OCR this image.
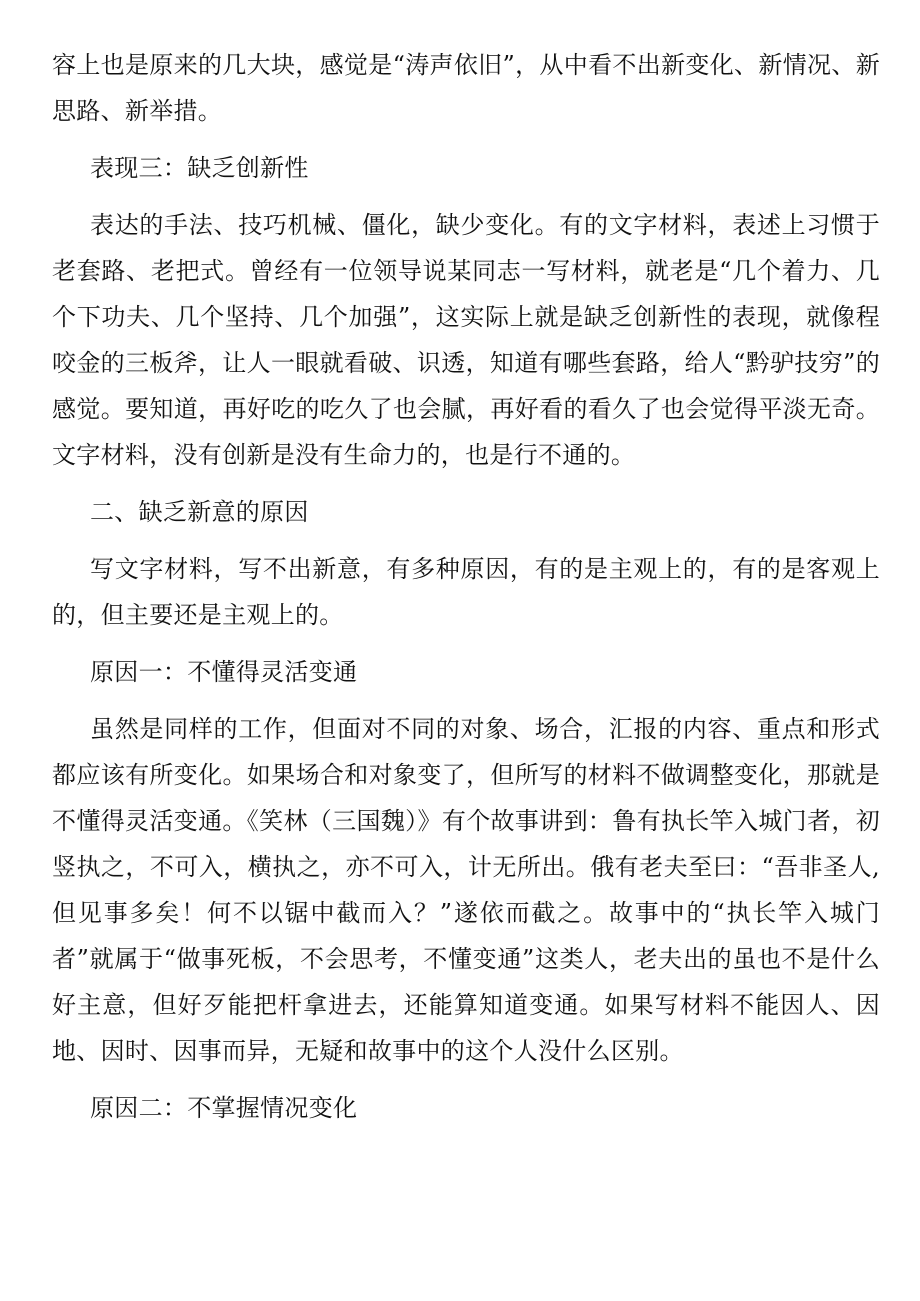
容上也是原来的几大块，感觉是“涛声依旧”，从中看不出新变化、新情况、新思路、新举措。

表现三：缺乏创新性

表达的手法、技巧机械、僵化，缺少变化。有的文字材料，表述上习惯于老套路、老把式。曾经有一位领导说某同志一写材料，就老是“几个着力、几个下功夫、几个坚持、几个加强”，这实际上就是缺乏创新性的表现，就像程咬金的三板斧，让人一眼就看破、识透，知道有哪些套路，给人“黔驴技穷”的感觉。要知道，再好吃的吃久了也会腻，再好看的看久了也会觉得平淡无奇。文字材料，没有创新是没有生命力的，也是行不通的。

二、缺乏新意的原因

写文字材料，写不出新意，有多种原因，有的是主观上的，有的是客观上的，但主要还是主观上的。

原因一：不懂得灵活变通

虽然是同样的工作，但面对不同的对象、场合，汇报的内容、重点和形式都应该有所变化。如果场合和对象变了，但所写的材料不做调整变化，那就是不懂得灵活变通。《笑林（三国魏）》有个故事讲到：鲁有执长竿入城门者，初竖执之，不可入，横执之，亦不可入，计无所出。俄有老夫至曰：“吾非圣人,但见事多矣！何不以锯中截而入？”遂依而截之。故事中的“执长竿入城门者”就属于“做事死板，不会思考，不懂变通”这类人，老夫出的虽也不是什么好主意，但好歹能把杆拿进去，还能算知道变通。如果写材料不能因人、因地、因时、因事而异，无疑和故事中的这个人没什么区别。

原因二：不掌握情况变化
